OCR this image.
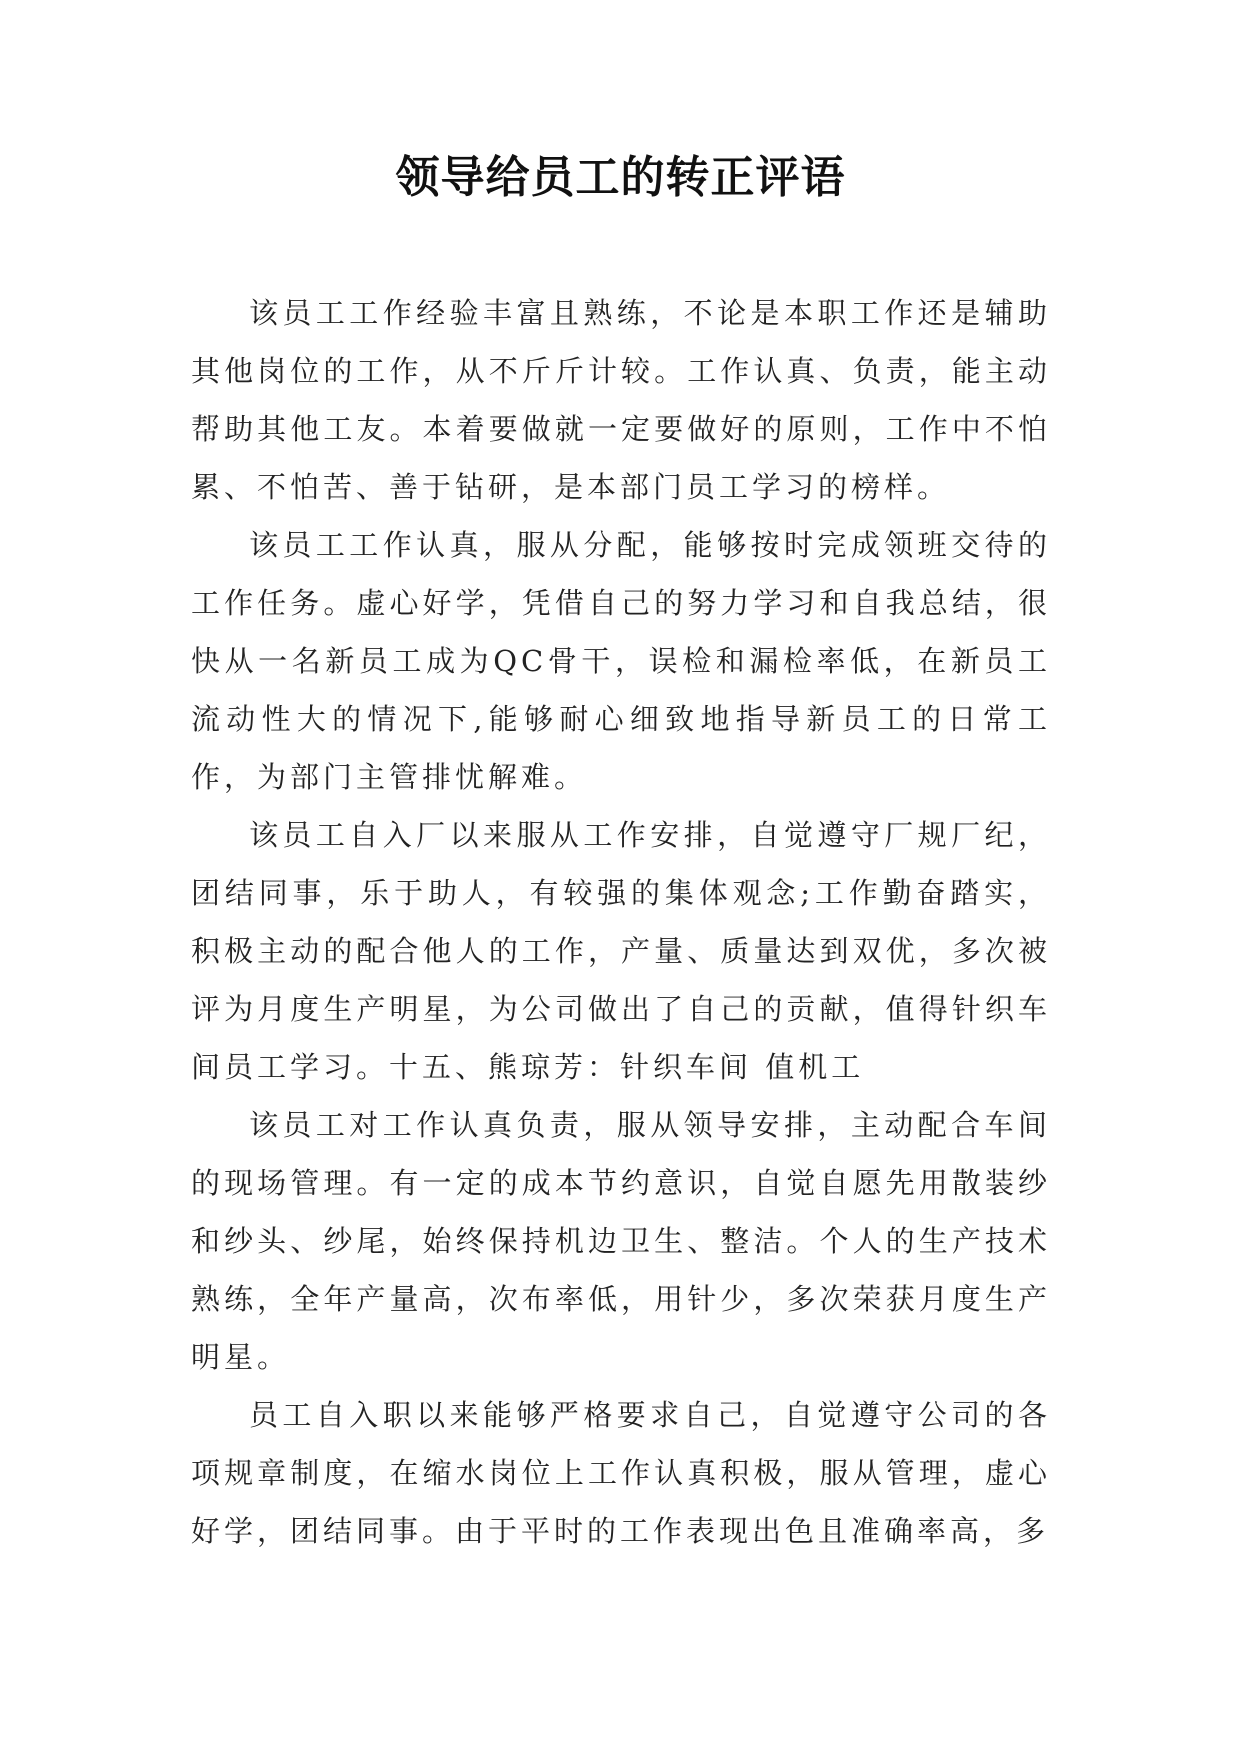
领导给员工的转正评语

该员工工作经验丰富且熟练，不论是本职工作还是辅助其他岗位的工作，从不斤斤计较。工作认真、负责，能主动帮助其他工友。本着要做就一定要做好的原则，工作中不怕累、不怕苦、善于钻研，是本部门员工学习的榜样。

该员工工作认真，服从分配，能够按时完成领班交待的工作任务。虚心好学，凭借自己的努力学习和自我总结，很快从一名新员工成为QC骨干，误检和漏检率低，在新员工流动性大的情况下,能够耐心细致地指导新员工的日常工作，为部门主管排忧解难。

该员工自入厂以来服从工作安排，自觉遵守厂规厂纪，团结同事，乐于助人，有较强的集体观念;工作勤奋踏实，积极主动的配合他人的工作，产量、质量达到双优，多次被评为月度生产明星，为公司做出了自己的贡献，值得针织车间员工学习。十五、熊琼芳：针织车间 值机工

该员工对工作认真负责，服从领导安排，主动配合车间的现场管理。有一定的成本节约意识，自觉自愿先用散装纱和纱头、纱尾，始终保持机边卫生、整洁。个人的生产技术熟练，全年产量高，次布率低，用针少，多次荣获月度生产明星。

员工自入职以来能够严格要求自己，自觉遵守公司的各项规章制度，在缩水岗位上工作认真积极，服从管理，虚心好学，团结同事。由于平时的工作表现出色且准确率高，多
